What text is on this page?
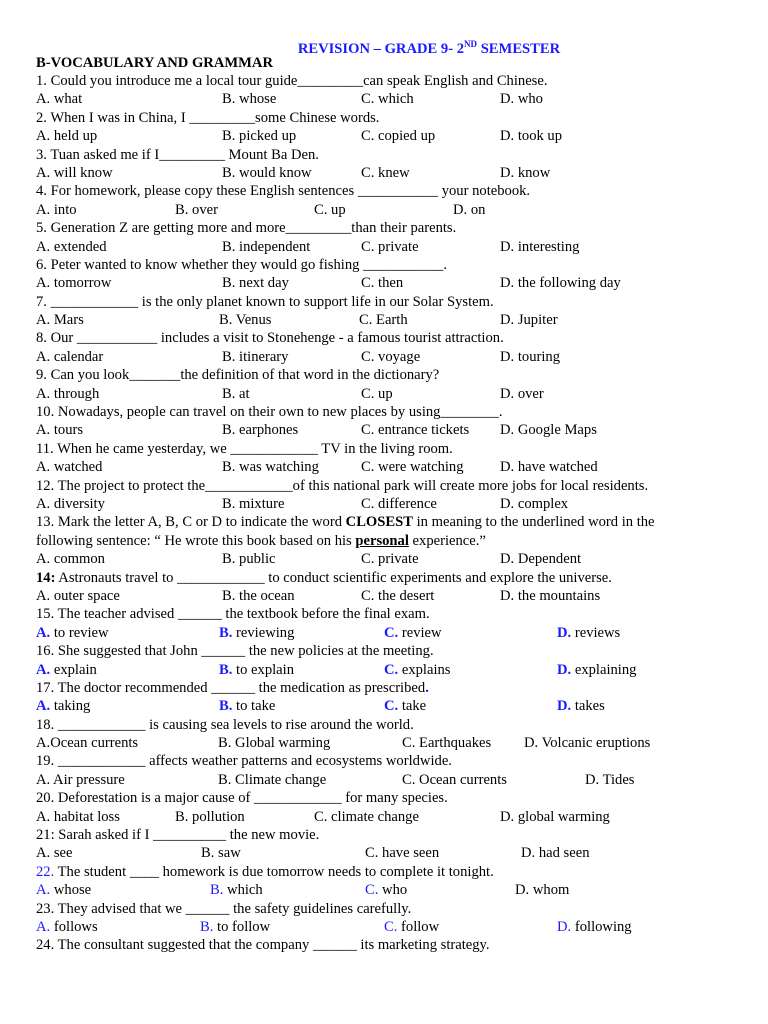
REVISION – GRADE 9- 2ND SEMESTER
B-VOCABULARY AND GRAMMAR
1. Could you introduce me a local tour guide_________can speak English and Chinese.
A. what	B. whose	C. which	D. who
2. When I was in China, I _________some Chinese words.
A. held up	B. picked up	C. copied up	D. took up
3. Tuan asked me if I_________ Mount Ba Den.
A. will know	B. would know	C. knew	D. know
4. For homework, please copy these English sentences ___________ your notebook.
A. into	B. over	C. up	D. on
5. Generation Z are getting more and more_________than their parents.
A. extended	B. independent	C. private	D. interesting
6. Peter wanted to know whether they would go fishing ___________.
A. tomorrow	B. next day	C. then	D. the following day
7. ____________ is the only planet known to support life in our Solar System.
A. Mars	B. Venus	C. Earth	D. Jupiter
8. Our ___________ includes a visit to Stonehenge - a famous tourist attraction.
A. calendar	B. itinerary	C. voyage	D. touring
9. Can you look_______the definition of that word in the dictionary?
A. through	B. at	C. up	D. over
10. Nowadays, people can travel on their own to new places by using________.
A. tours	B. earphones	C. entrance tickets D. Google Maps
11. When he came yesterday, we ____________ TV in the living room.
A. watched	B. was watching	C. were watching D. have watched
12. The project to protect the____________of this national park will create more jobs for local residents.
A. diversity	B. mixture	C. difference	D. complex
13. Mark the letter A, B, C or D to indicate the word CLOSEST in meaning to the underlined word in the
following sentence: “ He wrote this book based on his personal experience.”
A. common	B. public	C. private	D. Dependent
14: Astronauts travel to ____________ to conduct scientific experiments and explore the universe.
A. outer space	B. the ocean	C. the desert	D. the mountains
15. The teacher advised ______ the textbook before the final exam.
A. to review	B. reviewing	C. review	D. reviews
16. She suggested that John ______ the new policies at the meeting.
A. explain	B. to explain	C. explains	D. explaining
17. The doctor recommended ______ the medication as prescribed.
A. taking	B. to take	C. take	D. takes
18. ____________ is causing sea levels to rise around the world.
A.Ocean currents	B. Global warming	C. Earthquakes D. Volcanic eruptions
19. ____________ affects weather patterns and ecosystems worldwide.
A. Air pressure	B. Climate change	C. Ocean currents	D. Tides
20. Deforestation is a major cause of ____________ for many species.
A. habitat loss	B. pollution	C. climate change	D. global warming
21: Sarah asked if I __________ the new movie.
A. see	B. saw	C. have seen	D. had seen
22. The student ____ homework is due tomorrow needs to complete it tonight.
A. whose	B. which	C. who	D. whom
23. They advised that we ______ the safety guidelines carefully.
A. follows	B. to follow	C. follow	D. following
24. The consultant suggested that the company ______ its marketing strategy.
